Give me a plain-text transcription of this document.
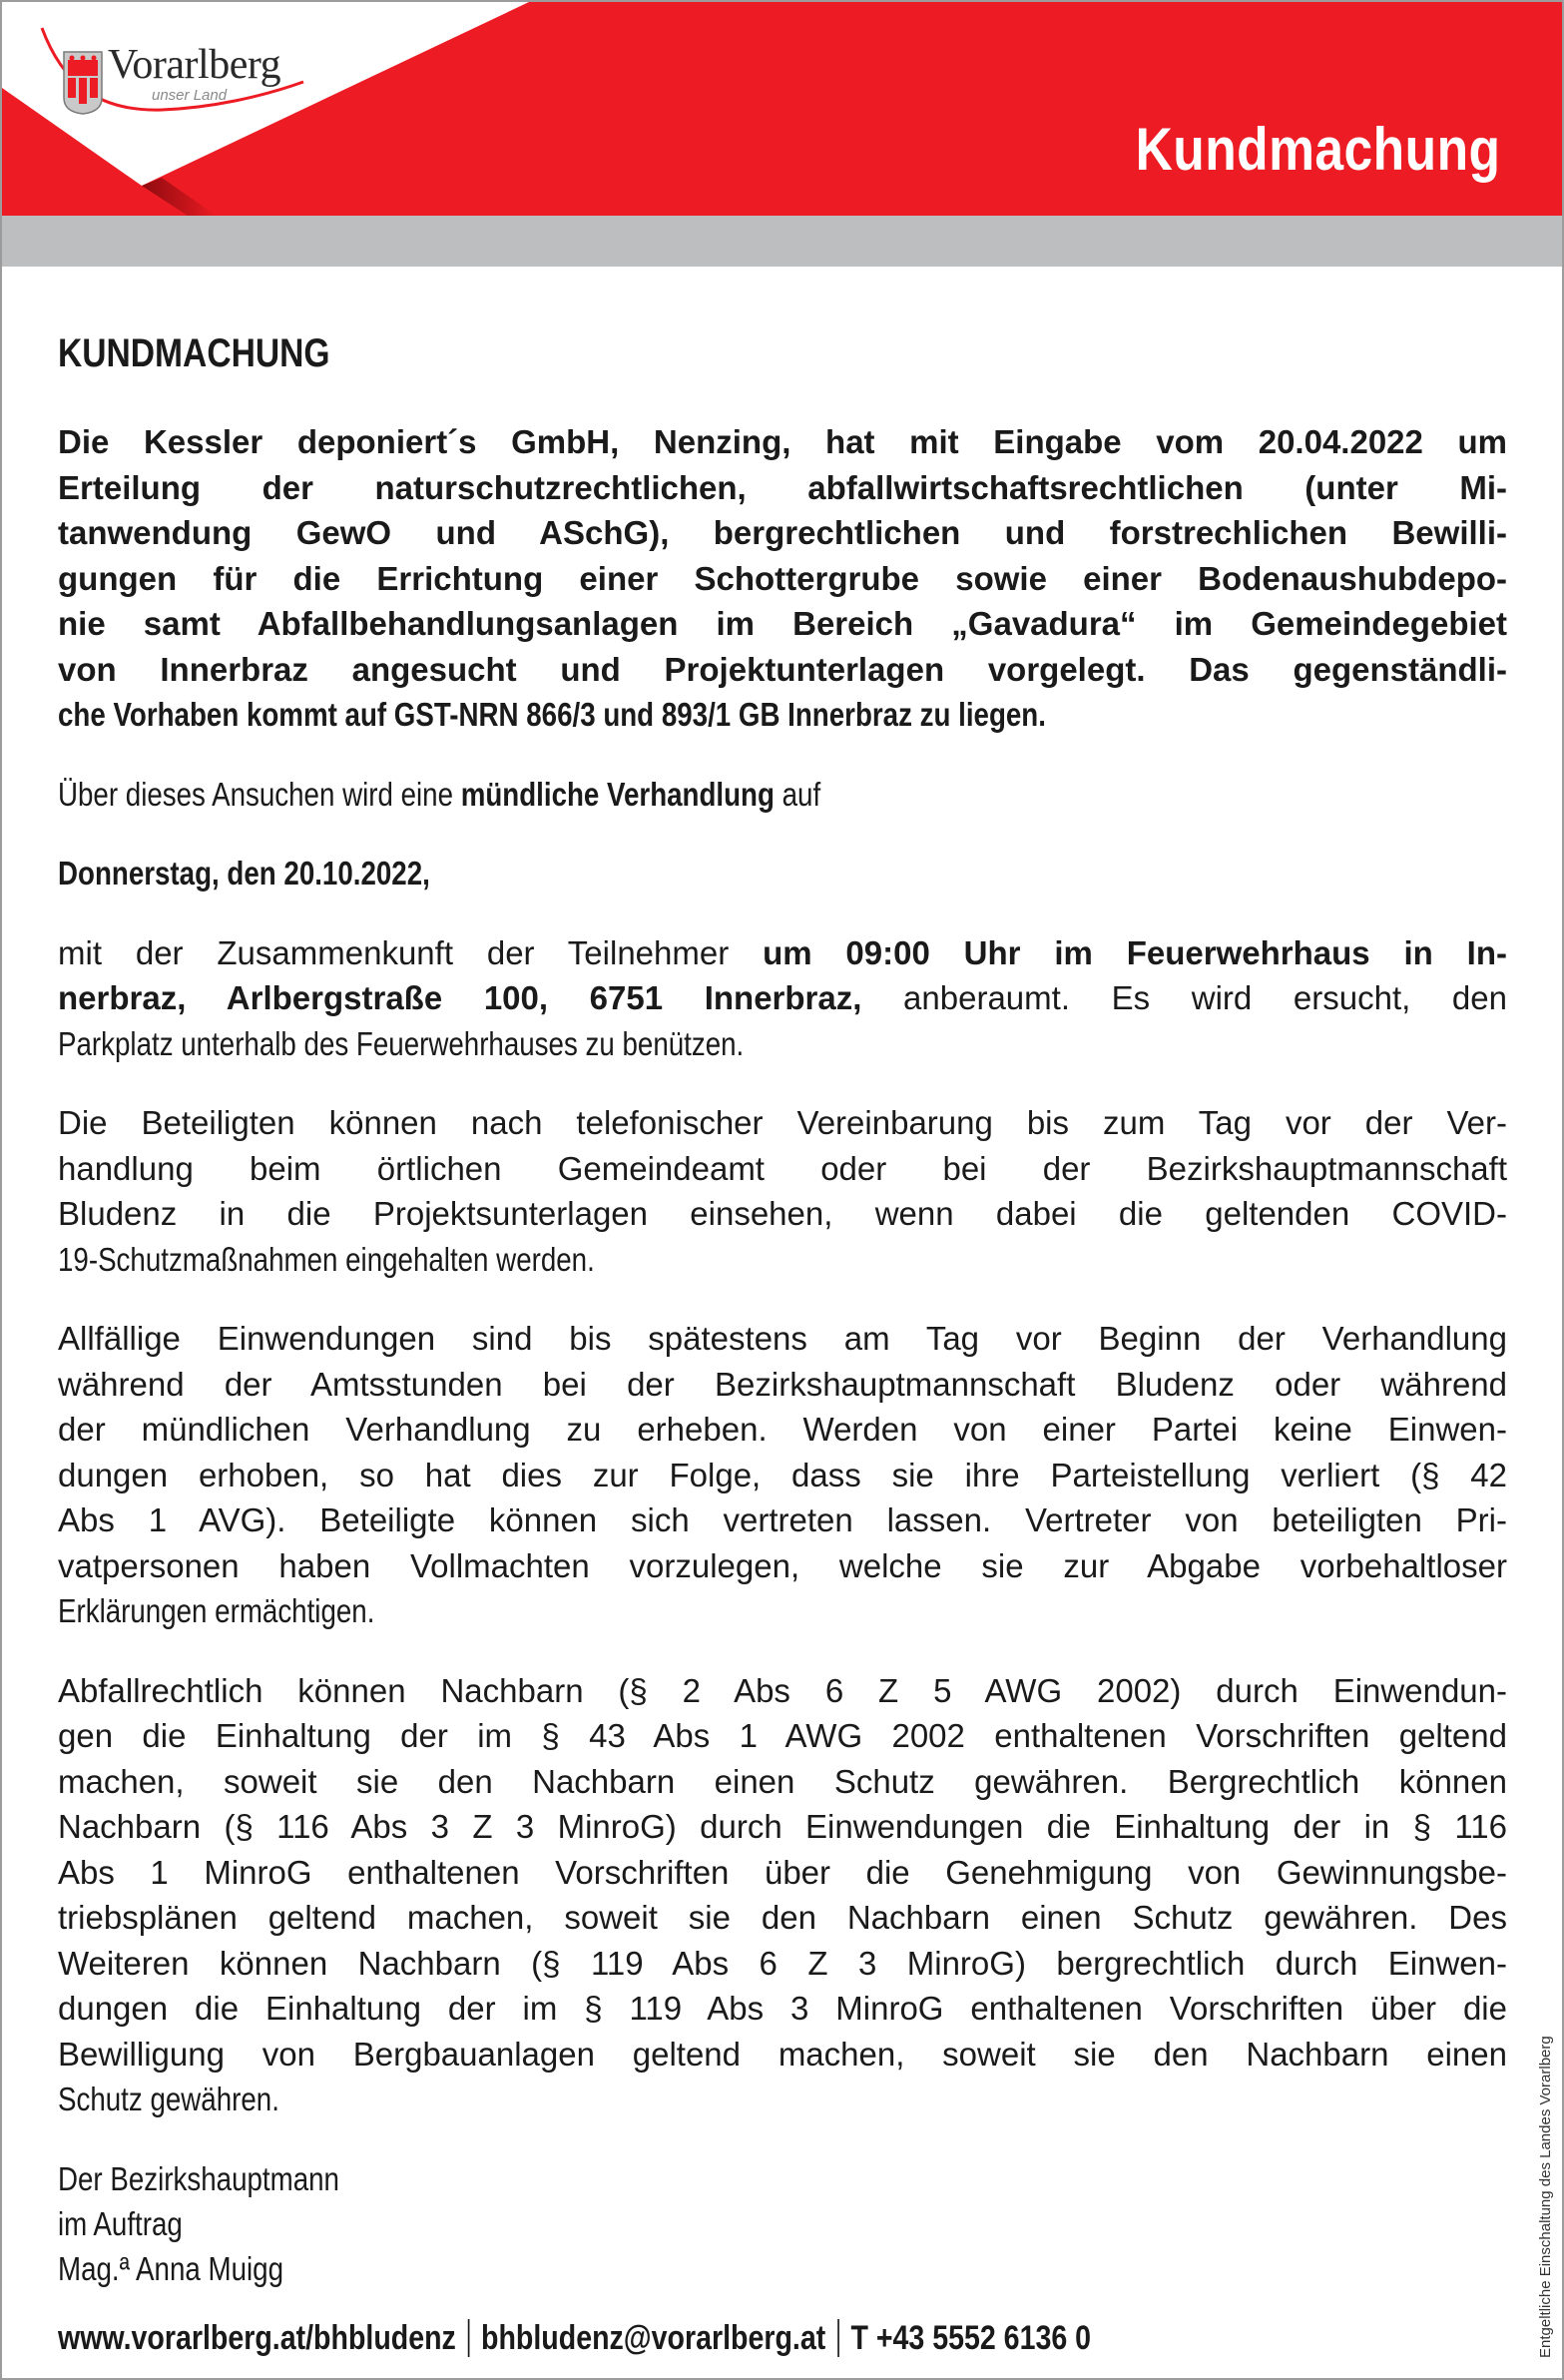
Vorarlberg
unser Land
Kundmachung
KUNDMACHUNG
Die Kessler deponiert´s GmbH, Nenzing, hat mit Eingabe vom 20.04.2022 um
Erteilung der naturschutzrechtlichen, abfallwirtschaftsrechtlichen (unter Mi-
tanwendung GewO und ASchG), bergrechtlichen und forstrechlichen Bewilli-
gungen für die Errichtung einer Schottergrube sowie einer Bodenaushubdepo-
nie samt Abfallbehandlungsanlagen im Bereich „Gavadura“ im Gemeindegebiet
von Innerbraz angesucht und Projektunterlagen vorgelegt. Das gegenständli-
che Vorhaben kommt auf GST-NRN 866/3 und 893/1 GB Innerbraz zu liegen.
Über dieses Ansuchen wird eine mündliche Verhandlung auf
Donnerstag, den 20.10.2022,
mit der Zusammenkunft der Teilnehmer um 09:00 Uhr im Feuerwehrhaus in In-
nerbraz, Arlbergstraße 100, 6751 Innerbraz, anberaumt. Es wird ersucht, den
Parkplatz unterhalb des Feuerwehrhauses zu benützen.
Die Beteiligten können nach telefonischer Vereinbarung bis zum Tag vor der Ver-
handlung beim örtlichen Gemeindeamt oder bei der Bezirkshauptmannschaft
Bludenz in die Projektsunterlagen einsehen, wenn dabei die geltenden COVID-
19-Schutzmaßnahmen eingehalten werden.
Allfällige Einwendungen sind bis spätestens am Tag vor Beginn der Verhandlung
während der Amtsstunden bei der Bezirkshauptmannschaft Bludenz oder während
der mündlichen Verhandlung zu erheben. Werden von einer Partei keine Einwen-
dungen erhoben, so hat dies zur Folge, dass sie ihre Parteistellung verliert (§ 42
Abs 1 AVG). Beteiligte können sich vertreten lassen. Vertreter von beteiligten Pri-
vatpersonen haben Vollmachten vorzulegen, welche sie zur Abgabe vorbehaltloser
Erklärungen ermächtigen.
Abfallrechtlich können Nachbarn (§ 2 Abs 6 Z 5 AWG 2002) durch Einwendun-
gen die Einhaltung der im § 43 Abs 1 AWG 2002 enthaltenen Vorschriften geltend
machen, soweit sie den Nachbarn einen Schutz gewähren. Bergrechtlich können
Nachbarn (§ 116 Abs 3 Z 3 MinroG) durch Einwendungen die Einhaltung der in § 116
Abs 1 MinroG enthaltenen Vorschriften über die Genehmigung von Gewinnungsbe-
triebsplänen geltend machen, soweit sie den Nachbarn einen Schutz gewähren. Des
Weiteren können Nachbarn (§ 119 Abs 6 Z 3 MinroG) bergrechtlich durch Einwen-
dungen die Einhaltung der im § 119 Abs 3 MinroG enthaltenen Vorschriften über die
Bewilligung von Bergbauanlagen geltend machen, soweit sie den Nachbarn einen
Schutz gewähren.
Der Bezirkshauptmann
im Auftrag
Mag.ª Anna Muigg
www.vorarlberg.at/bhbludenz bhbludenz@vorarlberg.at T +43 5552 6136 0	Entgeltliche Einschaltung des Landes Vorarlberg
